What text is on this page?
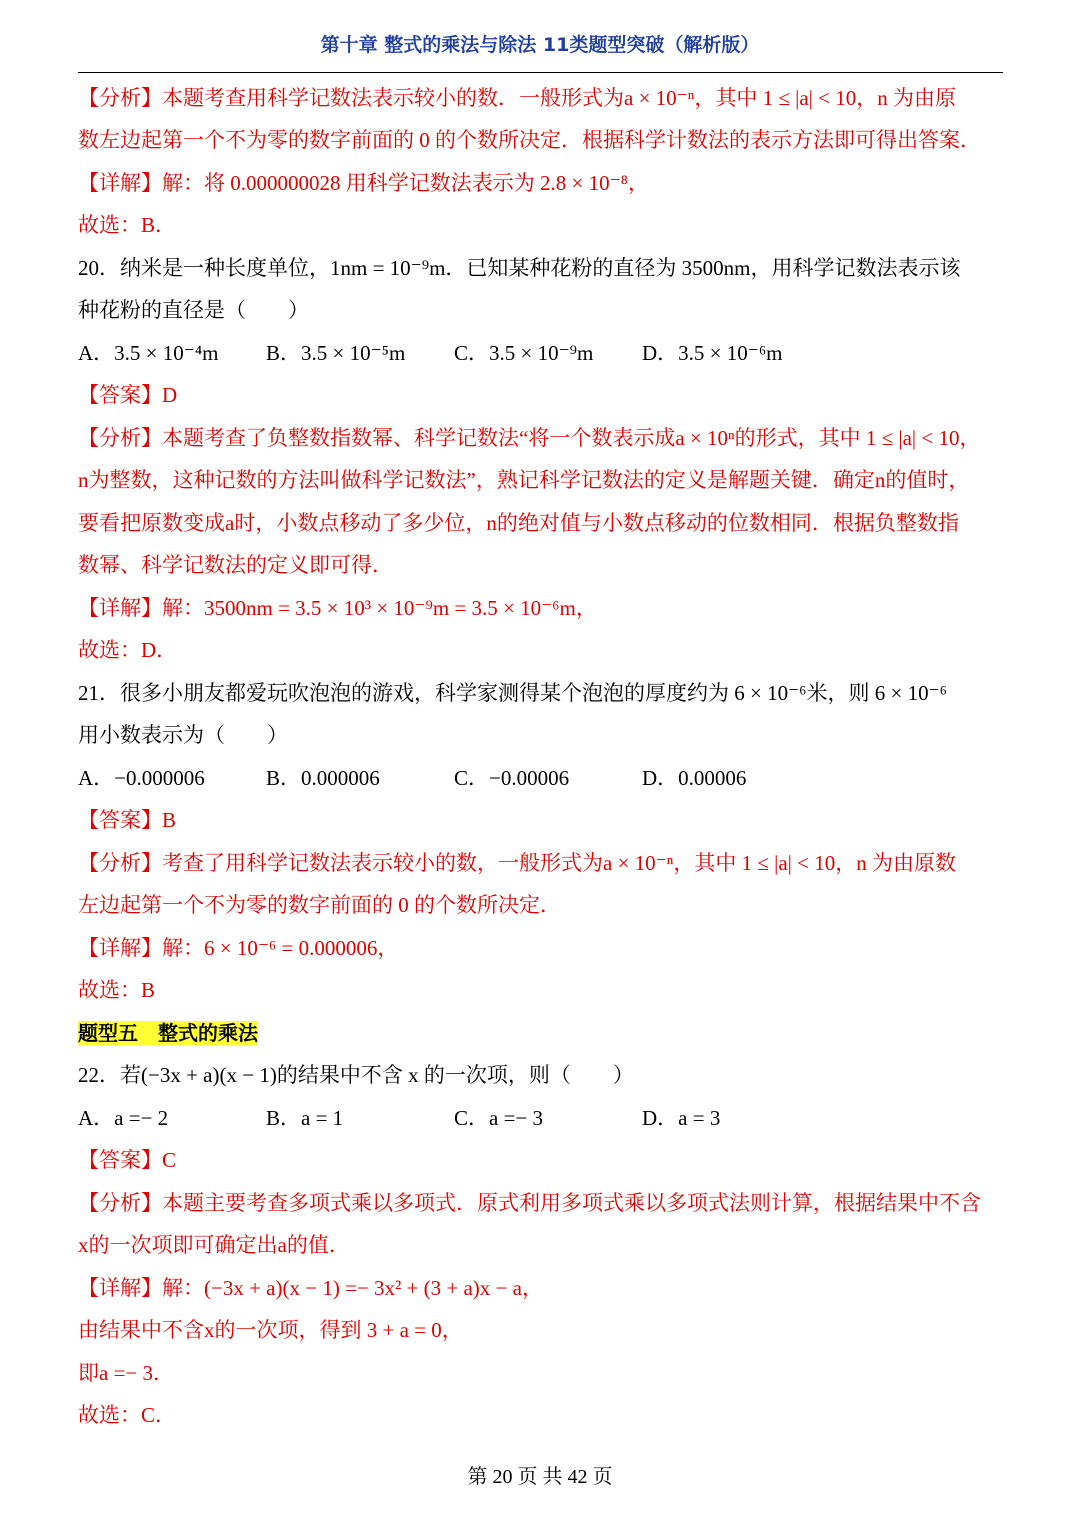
第十章 整式的乘法与除法 11类题型突破（解析版）
【分析】本题考查用科学记数法表示较小的数．一般形式为a × 10⁻ⁿ，其中 1 ≤ |a| < 10，n 为由原
数左边起第一个不为零的数字前面的 0 的个数所决定．根据科学计数法的表示方法即可得出答案．
【详解】解：将 0.000000028 用科学记数法表示为 2.8 × 10⁻⁸，
故选：B．
20．纳米是一种长度单位，1nm = 10⁻⁹m．已知某种花粉的直径为 3500nm，用科学记数法表示该
种花粉的直径是（　　）
A．3.5 × 10⁻⁴m B．3.5 × 10⁻⁵m C．3.5 × 10⁻⁹m D．3.5 × 10⁻⁶m
【答案】D
【分析】本题考查了负整数指数幂、科学记数法“将一个数表示成a × 10ⁿ的形式，其中 1 ≤ |a| < 10，
n为整数，这种记数的方法叫做科学记数法”，熟记科学记数法的定义是解题关键．确定n的值时，
要看把原数变成a时，小数点移动了多少位，n的绝对值与小数点移动的位数相同．根据负整数指
数幂、科学记数法的定义即可得．
【详解】解：3500nm = 3.5 × 10³ × 10⁻⁹m = 3.5 × 10⁻⁶m，
故选：D．
21．很多小朋友都爱玩吹泡泡的游戏，科学家测得某个泡泡的厚度约为 6 × 10⁻⁶米，则 6 × 10⁻⁶
用小数表示为（　　）
A．−0.000006	B．0.000006	C．−0.00006	D．0.00006
【答案】B
【分析】考查了用科学记数法表示较小的数，一般形式为a × 10⁻ⁿ，其中 1 ≤ |a| < 10，n 为由原数
左边起第一个不为零的数字前面的 0 的个数所决定．
【详解】解：6 × 10⁻⁶ = 0.000006，
故选：B
题型五　整式的乘法
22．若(−3x + a)(x − 1)的结果中不含 x 的一次项，则（　　）
A．a =− 2	B．a = 1	C．a =− 3	D．a = 3
【答案】C
【分析】本题主要考查多项式乘以多项式．原式利用多项式乘以多项式法则计算，根据结果中不含
x的一次项即可确定出a的值．
【详解】解：(−3x + a)(x − 1) =− 3x² + (3 + a)x − a，
由结果中不含x的一次项，得到 3 + a = 0，
即a =− 3．
故选：C．
第 20 页 共 42 页
